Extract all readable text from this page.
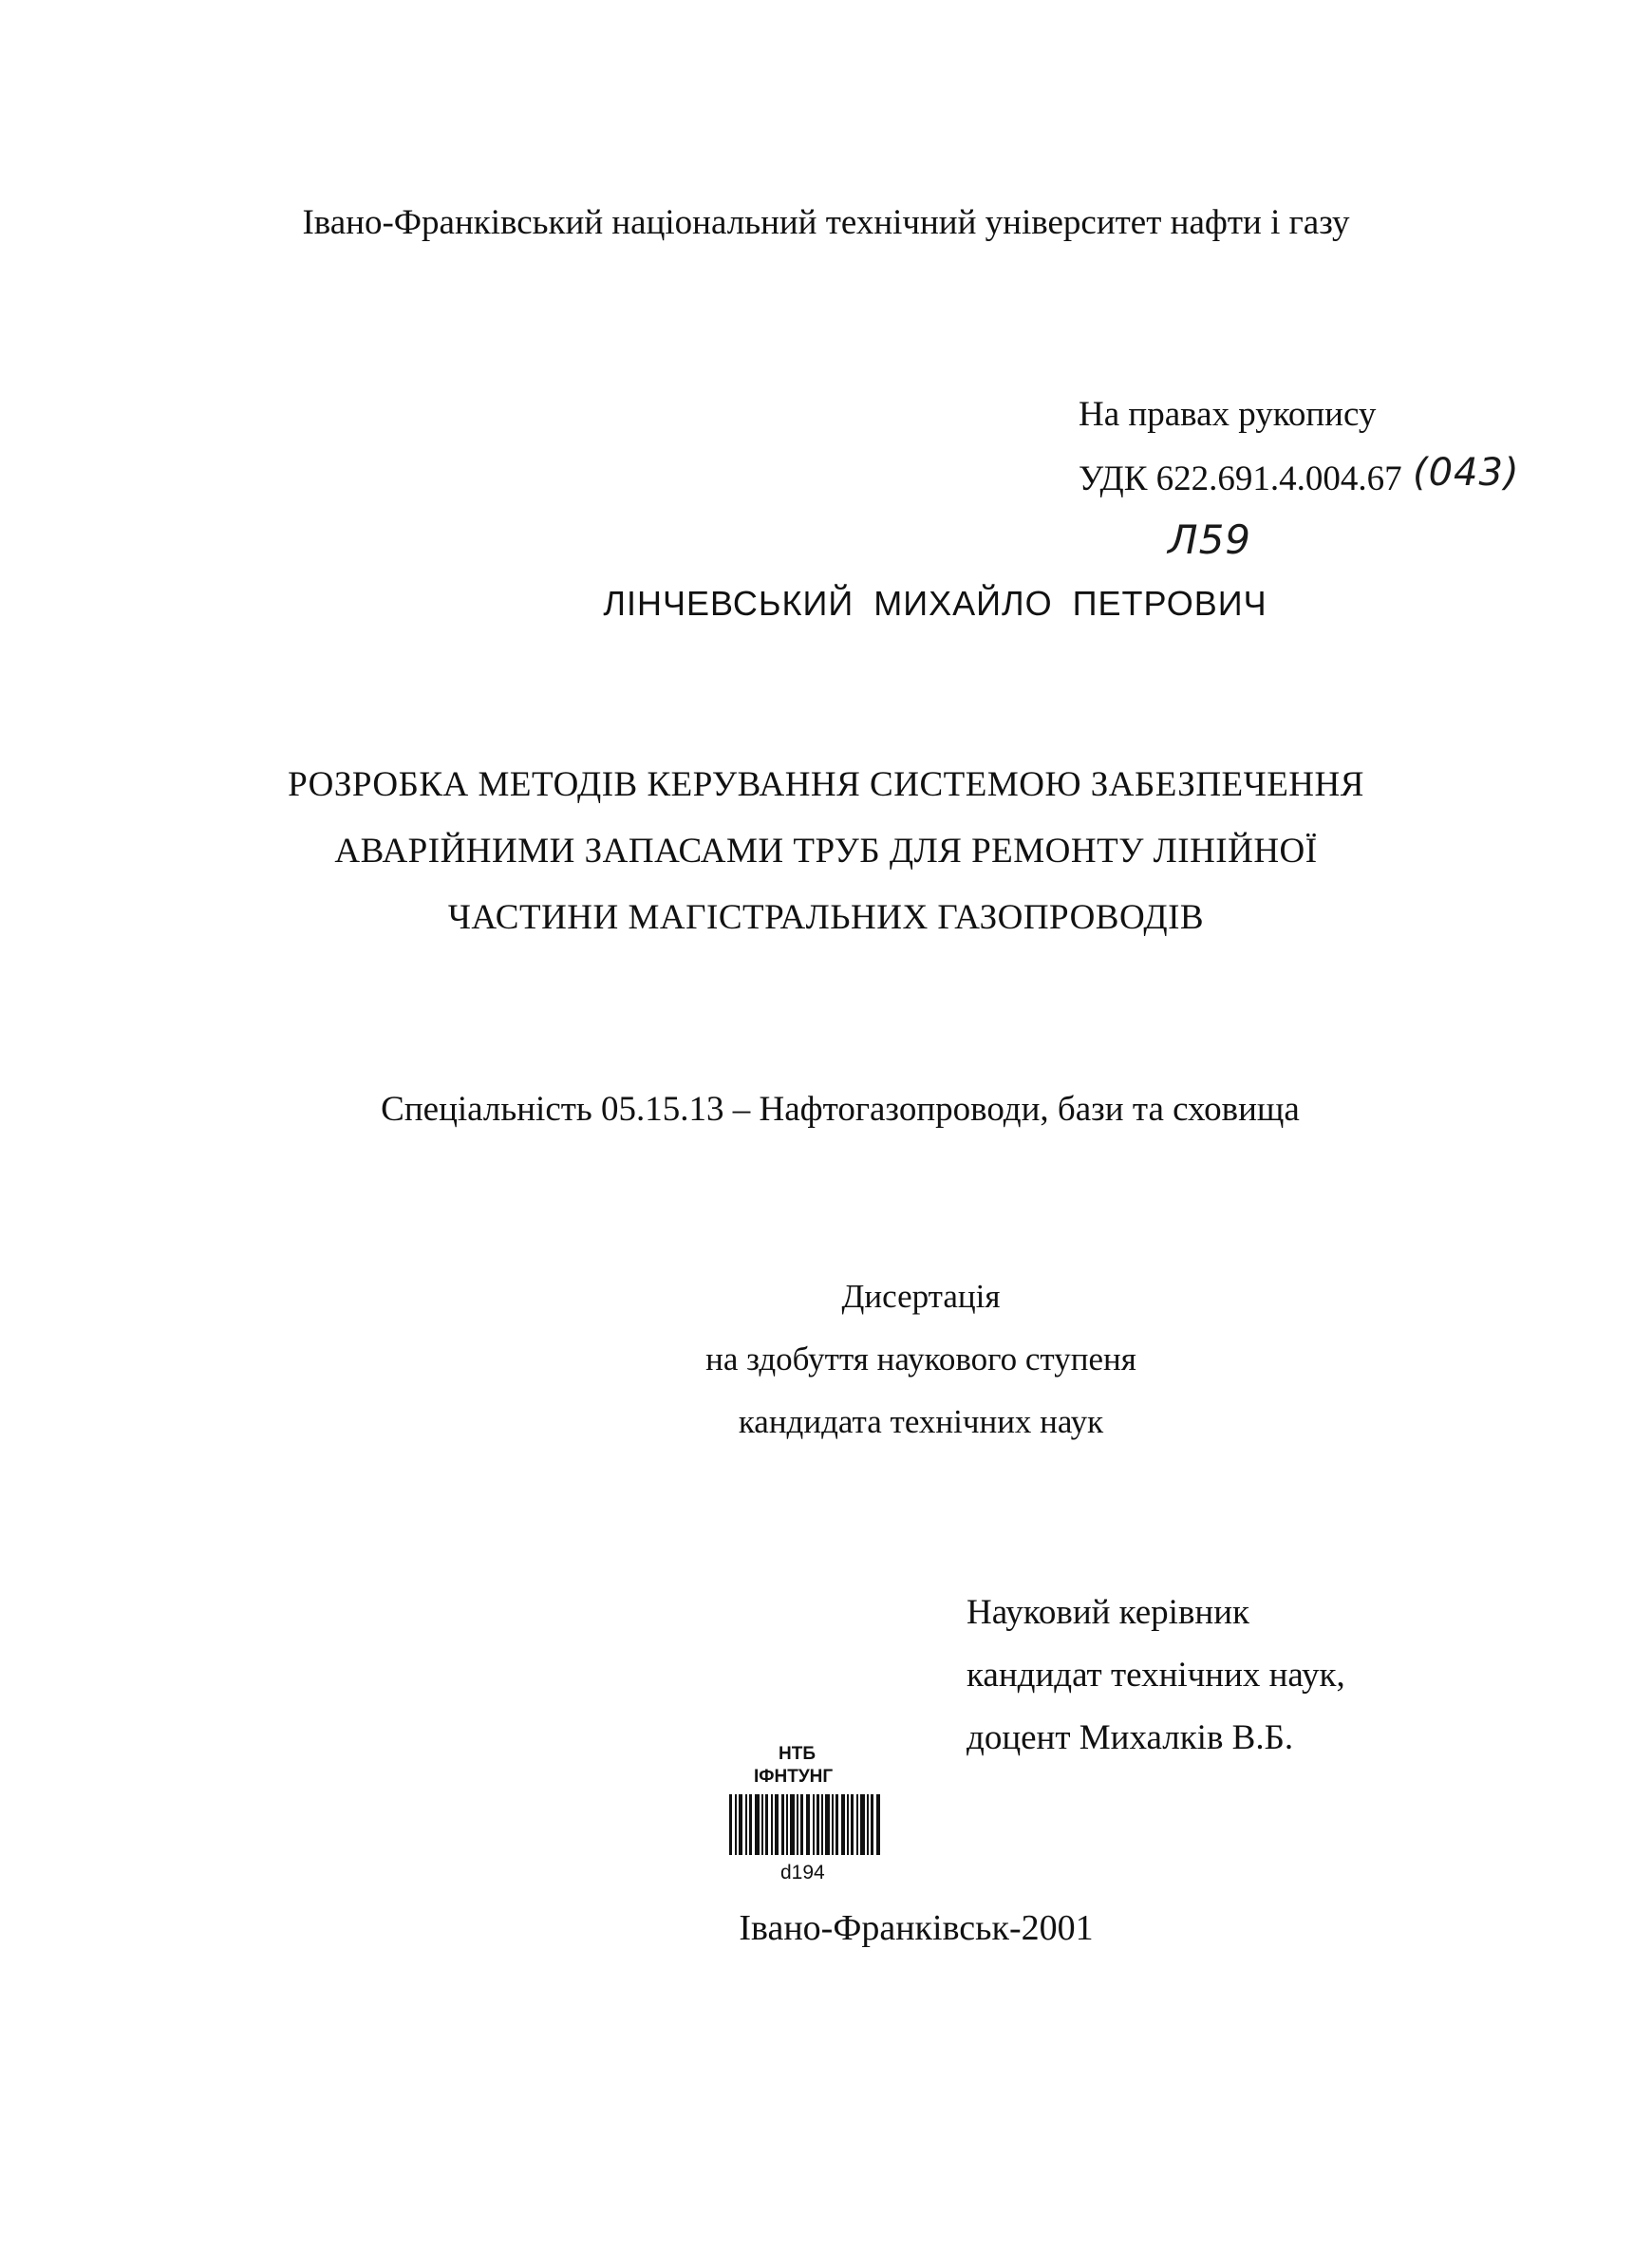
Івано-Франківський національний технічний університет нафти і газу
На правах рукопису
УДК 622.691.4.004.67 (043)
Л59
ЛІНЧЕВСЬКИЙ МИХАЙЛО ПЕТРОВИЧ
РОЗРОБКА МЕТОДІВ КЕРУВАННЯ СИСТЕМОЮ ЗАБЕЗПЕЧЕННЯ
АВАРІЙНИМИ ЗАПАСАМИ ТРУБ ДЛЯ РЕМОНТУ ЛІНІЙНОЇ
ЧАСТИНИ МАГІСТРАЛЬНИХ ГАЗОПРОВОДІВ
Спеціальність 05.15.13 – Нафтогазопроводи, бази та сховища
Дисертація
на здобуття наукового ступеня
кандидата технічних наук
Науковий керівник
кандидат технічних наук,
доцент Михалків В.Б.
НТБ
ІФНТУНГ
d194
Івано-Франківськ-2001
